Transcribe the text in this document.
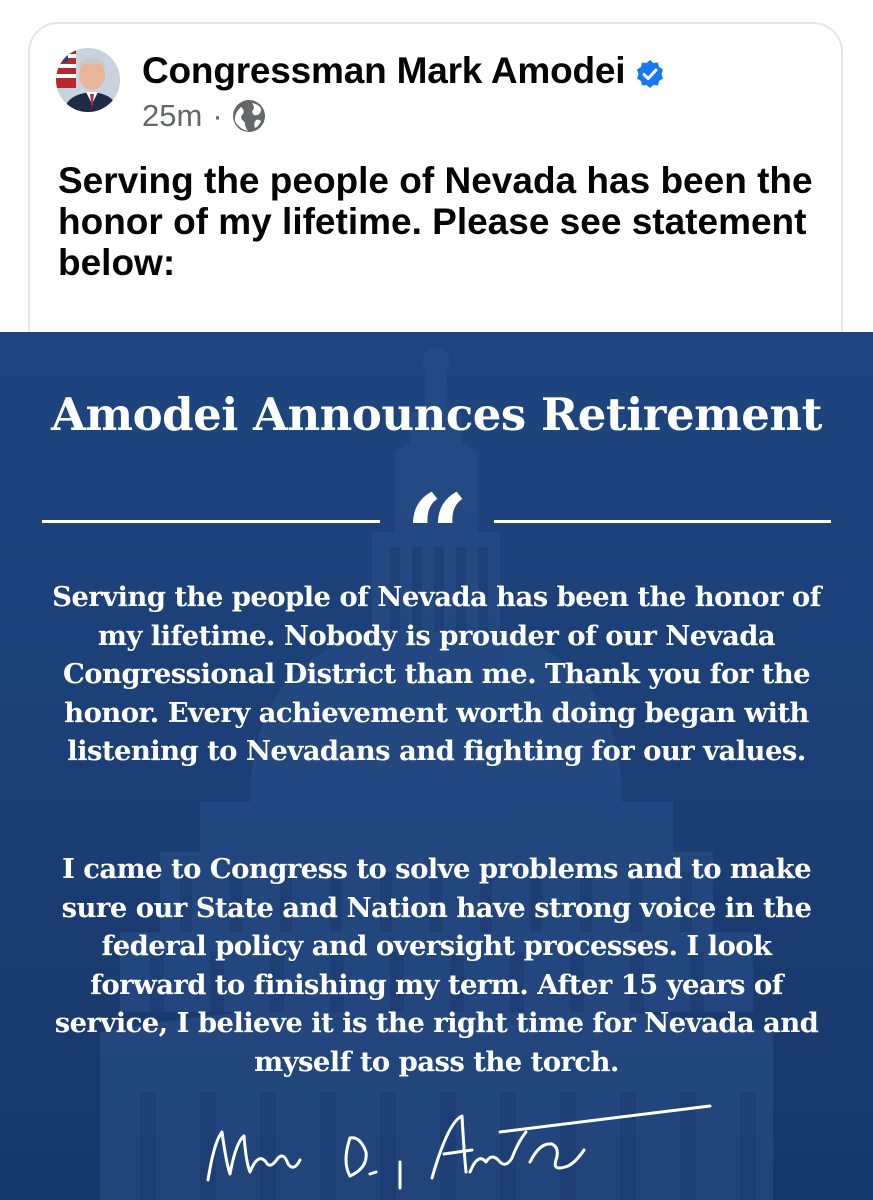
Congressman Mark Amodei
25m ·
Serving the people of Nevada has been the honor of my lifetime. Please see statement below:
Amodei Announces Retirement
“
Serving the people of Nevada has been the honor of my lifetime. Nobody is prouder of our Nevada Congressional District than me. Thank you for the honor. Every achievement worth doing began with listening to Nevadans and fighting for our values.
I came to Congress to solve problems and to make sure our State and Nation have strong voice in the federal policy and oversight processes. I look forward to finishing my term. After 15 years of service, I believe it is the right time for Nevada and myself to pass the torch.
